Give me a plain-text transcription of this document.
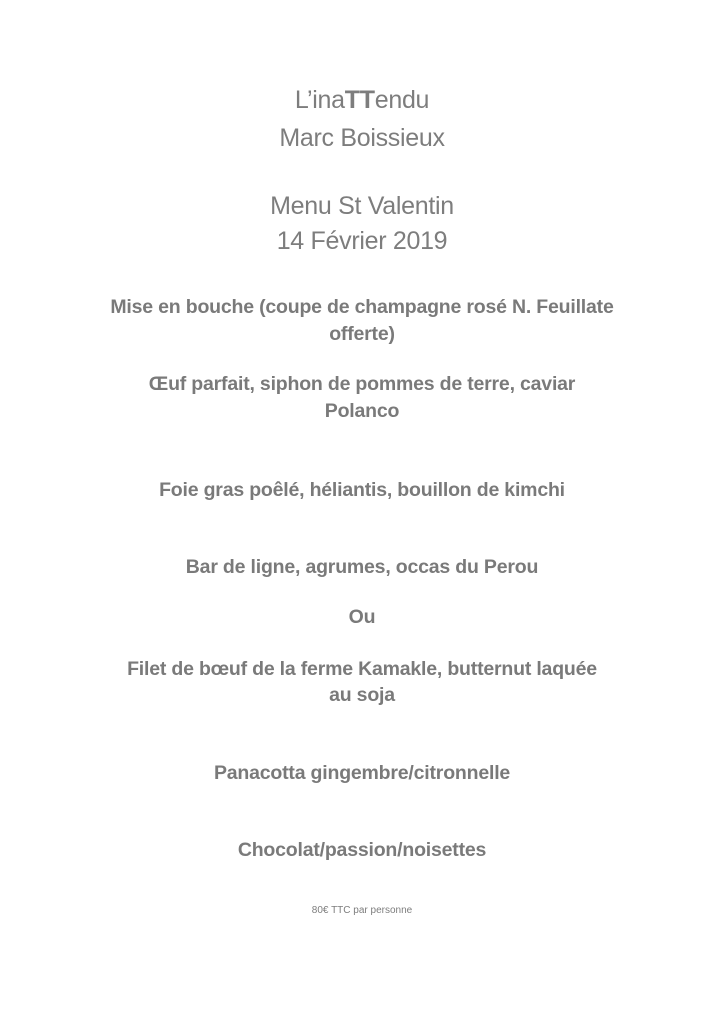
L’inaTTendu
Marc Boissieux
Menu St Valentin
14 Février 2019
Mise en bouche (coupe de champagne rosé N. Feuillate
offerte)
Œuf parfait, siphon de pommes de terre, caviar
Polanco
Foie gras poêlé, héliantis, bouillon de kimchi
Bar de ligne, agrumes, occas du Perou
Ou
Filet de bœuf de la ferme Kamakle, butternut laquée
au soja
Panacotta gingembre/citronnelle
Chocolat/passion/noisettes
80€ TTC par personne
